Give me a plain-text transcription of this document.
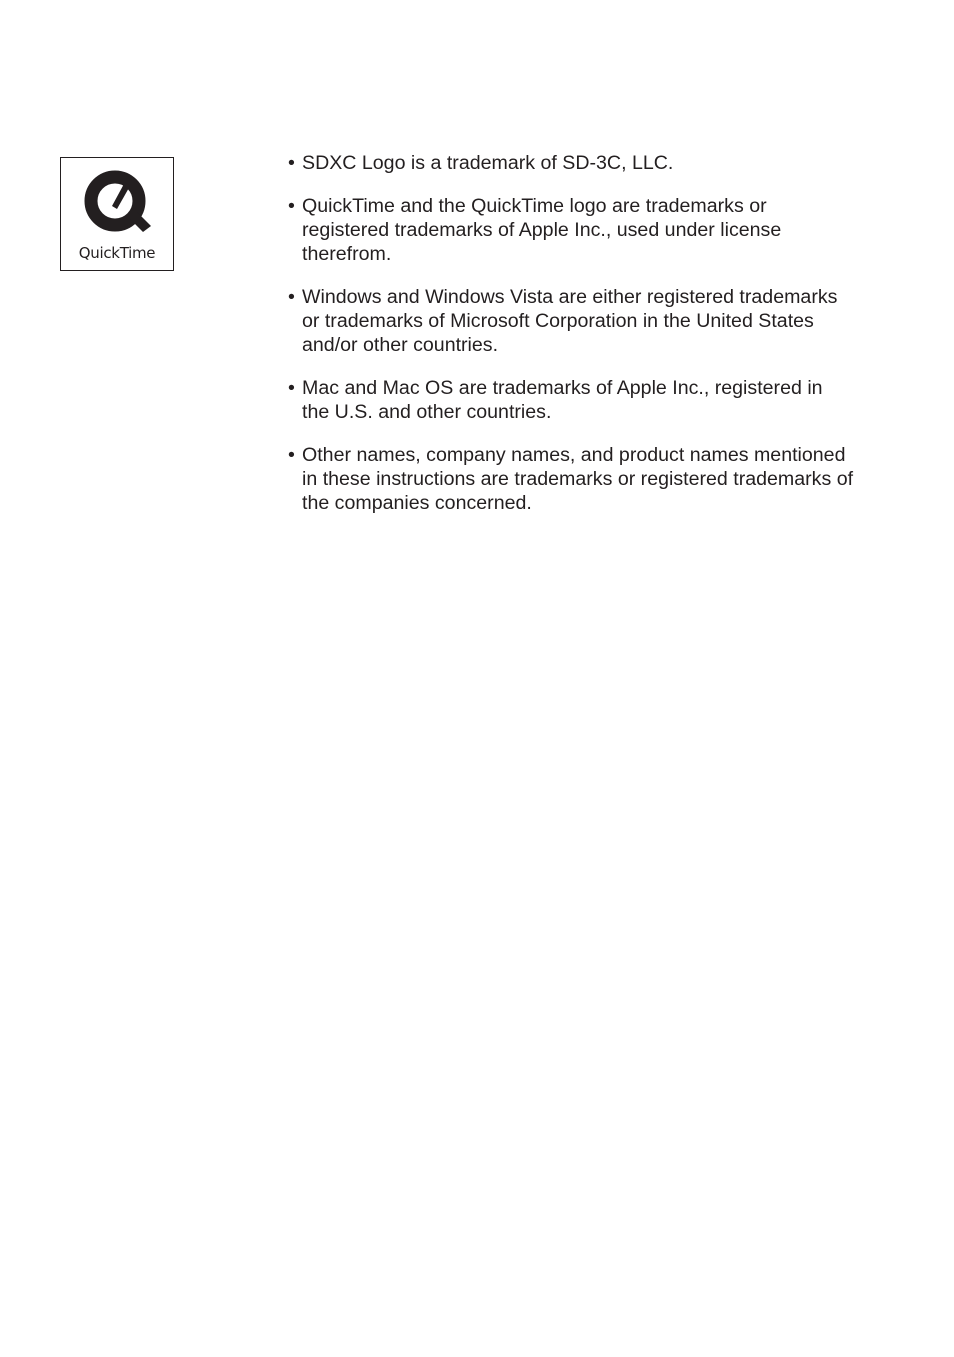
QuickTime
• SDXC Logo is a trademark of SD-3C, LLC.
• QuickTime and the QuickTime logo are trademarks or
registered trademarks of Apple Inc., used under license
therefrom.
• Windows and Windows Vista are either registered trademarks
or trademarks of Microsoft Corporation in the United States
and/or other countries.
• Mac and Mac OS are trademarks of Apple Inc., registered in
the U.S. and other countries.
• Other names, company names, and product names mentioned
in these instructions are trademarks or registered trademarks of
the companies concerned.
